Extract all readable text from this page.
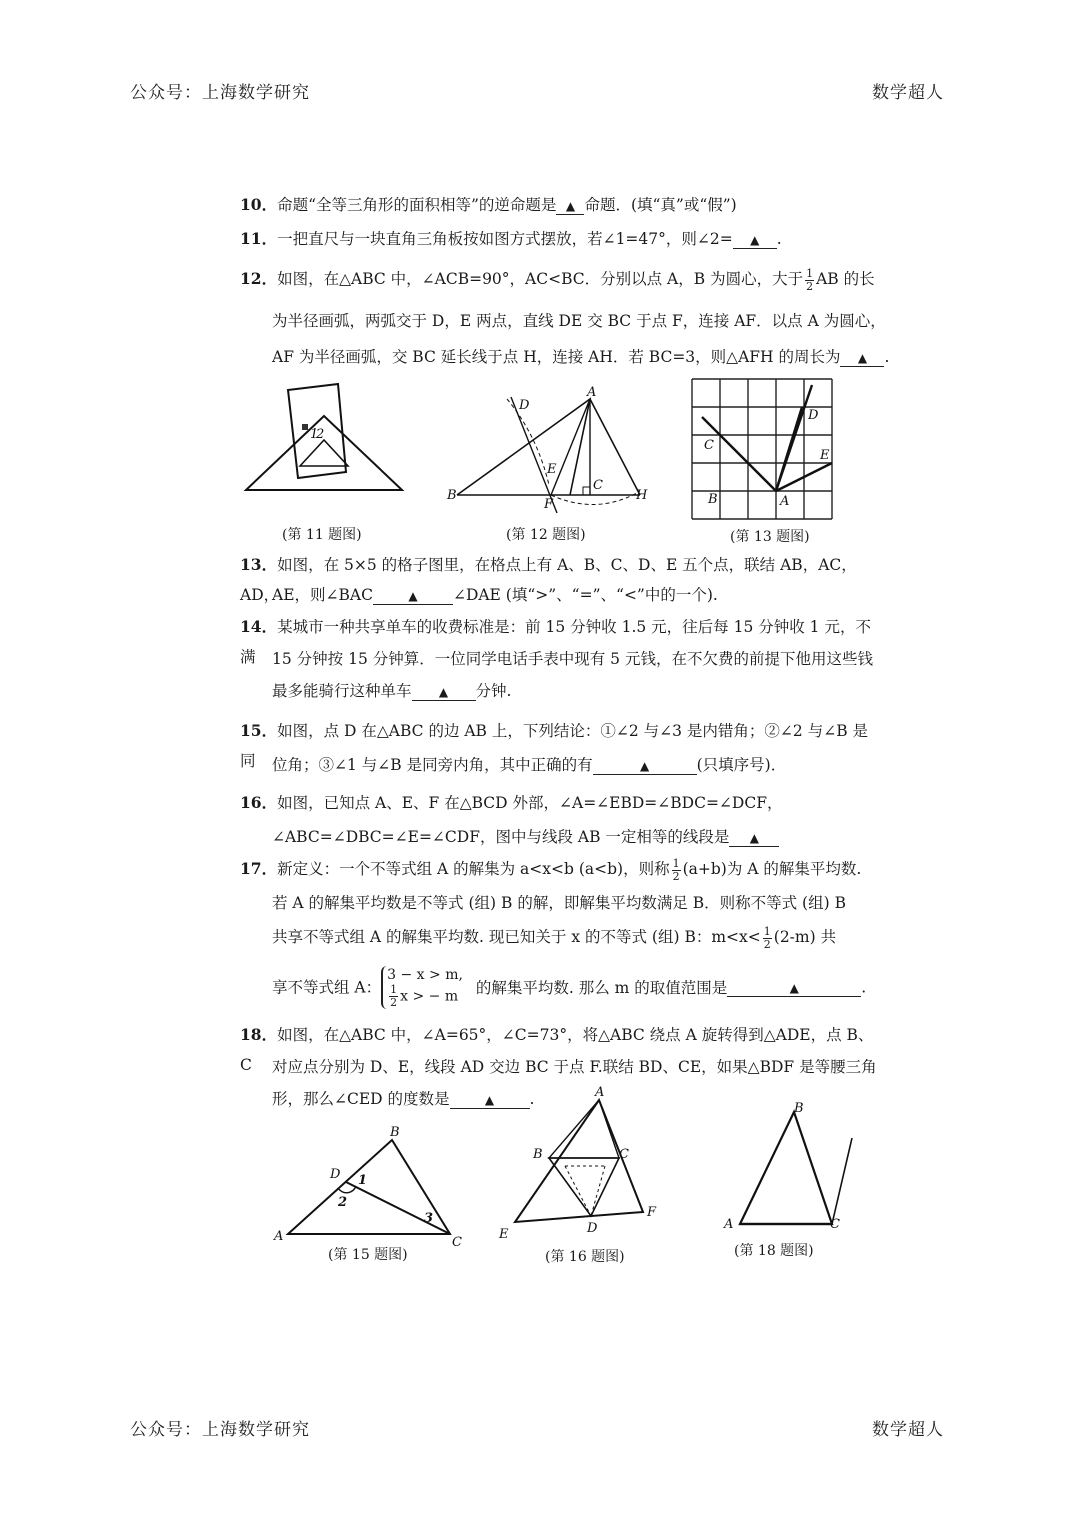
公众号：上海数学研究	数学超人
公众号：上海数学研究	数学超人
10．命题“全等三角形的面积相等”的逆命题是 ▲ 命题．(填“真”或“假”)
11．一把直尺与一块直角三角板按如图方式摆放，若∠1=47°，则∠2= ▲ .
12．如图，在△ABC 中，∠ACB=90°，AC<BC．分别以点 A，B 为圆心，大于 $\frac{1}{2}$ AB 的长
为半径画弧，两弧交于 D，E 两点，直线 DE 交 BC 于点 F，连接 AF．以点 A 为圆心，
AF 为半径画弧，交 BC 延长线于点 H，连接 AH．若 BC=3，则△AFH 的周长为 ▲ .
1
2
A
B
C
D
E
F
H	A
B
C
D
E
(第 11 题图)	(第 12 题图)	(第 13 题图)
13．如图，在 5×5 的格子图里，在格点上有 A、B、C、D、E 五个点，联结 AB，AC，AD，
AE，则∠BAC	▲ ∠DAE (填“>”、“=”、“<”中的一个).
14．某城市一种共享单车的收费标准是：前 15 分钟收 1.5 元，往后每 15 分钟收 1 元，不满	15 分钟按 15 分钟算．一位同学电话手表中现有 5 元钱，在不欠费的前提下他用这些钱
最多能骑行这种单车 ▲ 分钟.
15．如图，点 D 在△ABC 的边 AB 上，下列结论：①∠2 与∠3 是内错角；②∠2 与∠B 是同	位角；③∠1 与∠B 是同旁内角，其中正确的有	▲	(只填序号)．
16．如图，已知点 A、E、F 在△BCD 外部，∠A=∠EBD=∠BDC=∠DCF，
∠ABC=∠DBC=∠E=∠CDF，图中与线段 AB 一定相等的线段是 ▲
17．新定义：一个不等式组 A 的解集为 a<x<b (a<b)，则称 $\frac{1}{2} (a+b)$为 A 的解集平均数.
若 A 的解集平均数是不等式 (组) B 的解，即解集平均数满足 B．则称不等式 (组) B
共享不等式组 A 的解集平均数. 现已知关于 x 的不等式 (组) B：$m<x< \frac{1}{2} (2-m)$ 共
享不等式组 A：
3 − x > m,
$\frac{1}{2}$ x > − m	的解集平均数. 那么 m 的取值范围是	▲	.
18．如图，在△ABC 中，∠A=65°，∠C=73°，将△ABC 绕点 A 旋转得到△ADE，点 B、C	对应点分别为 D、E，线段 AD 交边 BC 于点 F.联结 BD、CE，如果△BDF 是等腰三角
形，那么∠CED 的度数是	▲ .
A
B
C
D 1
2
3
A
B	C
D
E
F
A
B
C
(第 15 题图)	(第 16 题图)	(第 18 题图)
